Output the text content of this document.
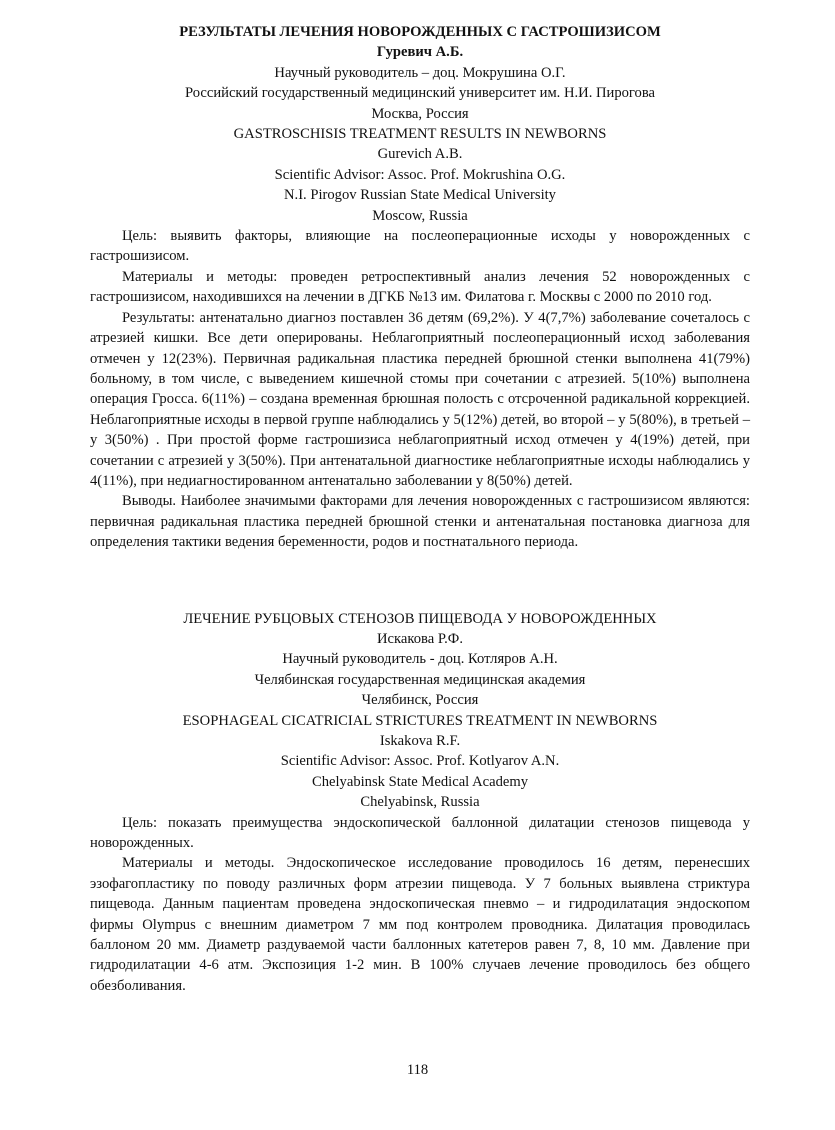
РЕЗУЛЬТАТЫ ЛЕЧЕНИЯ НОВОРОЖДЕННЫХ С ГАСТРОШИЗИСОМ
Гуревич А.Б.
Научный руководитель – доц. Мокрушина О.Г.
Российский государственный медицинский университет им. Н.И. Пирогова
Москва, Россия
GASTROSCHISIS TREATMENT RESULTS IN NEWBORNS
Gurevich A.B.
Scientific Advisor: Assoc. Prof. Mokrushina O.G.
N.I. Pirogov Russian State Medical University
Moscow, Russia

Цель: выявить факторы, влияющие на послеоперационные исходы у новорожденных с гастрошизисом.

Материалы и методы: проведен ретроспективный анализ лечения 52 новорожденных с гастрошизисом, находившихся на лечении в ДГКБ №13 им. Филатова г. Москвы с 2000 по 2010 год.

Результаты: антенатально диагноз поставлен 36 детям (69,2%). У 4(7,7%) заболевание сочеталось с атрезией кишки. Все дети оперированы. Неблагоприятный послеоперационный исход заболевания отмечен у 12(23%). Первичная радикальная пластика передней брюшной стенки выполнена 41(79%) больному, в том числе, с выведением кишечной стомы при сочетании с атрезией. 5(10%) выполнена операция Гросса. 6(11%) – создана временная брюшная полость с отсроченной радикальной коррекцией. Неблагоприятные исходы в первой группе наблюдались у 5(12%) детей, во второй – у 5(80%), в третьей – у 3(50%) . При простой форме гастрошизиса неблагоприятный исход отмечен у 4(19%) детей, при сочетании с атрезией у 3(50%). При антенатальной диагностике неблагоприятные исходы наблюдались у 4(11%), при недиагностированном антенатально заболевании у 8(50%) детей.

Выводы. Наиболее значимыми факторами для лечения новорожденных с гастрошизисом являются: первичная радикальная пластика передней брюшной стенки и антенатальная постановка диагноза для определения тактики ведения беременности, родов и постнатального периода.

ЛЕЧЕНИЕ РУБЦОВЫХ СТЕНОЗОВ ПИЩЕВОДА У НОВОРОЖДЕННЫХ
Искакова Р.Ф.
Научный руководитель - доц. Котляров А.Н.
Челябинская государственная медицинская академия
Челябинск, Россия
ESOPHAGEAL CICATRICIAL STRICTURES TREATMENT IN NEWBORNS
Iskakova R.F.
Scientific Advisor: Assoc. Prof. Kotlyarov A.N.
Chelyabinsk State Medical Academy
Chelyabinsk, Russia

Цель: показать преимущества эндоскопической баллонной дилатации стенозов пищевода у новорожденных.

Материалы и методы. Эндоскопическое исследование проводилось 16 детям, перенесших эзофагопластику по поводу различных форм атрезии пищевода. У 7 больных выявлена стриктура пищевода. Данным пациентам проведена эндоскопическая пневмо – и гидродилатация эндоскопом фирмы Olympus с внешним диаметром 7 мм под контролем проводника. Дилатация проводилась баллоном 20 мм. Диаметр раздуваемой части баллонных катетеров равен 7, 8, 10 мм. Давление при гидродилатации 4-6 атм. Экспозиция 1-2 мин. В 100% случаев лечение проводилось без общего обезболивания.

118
